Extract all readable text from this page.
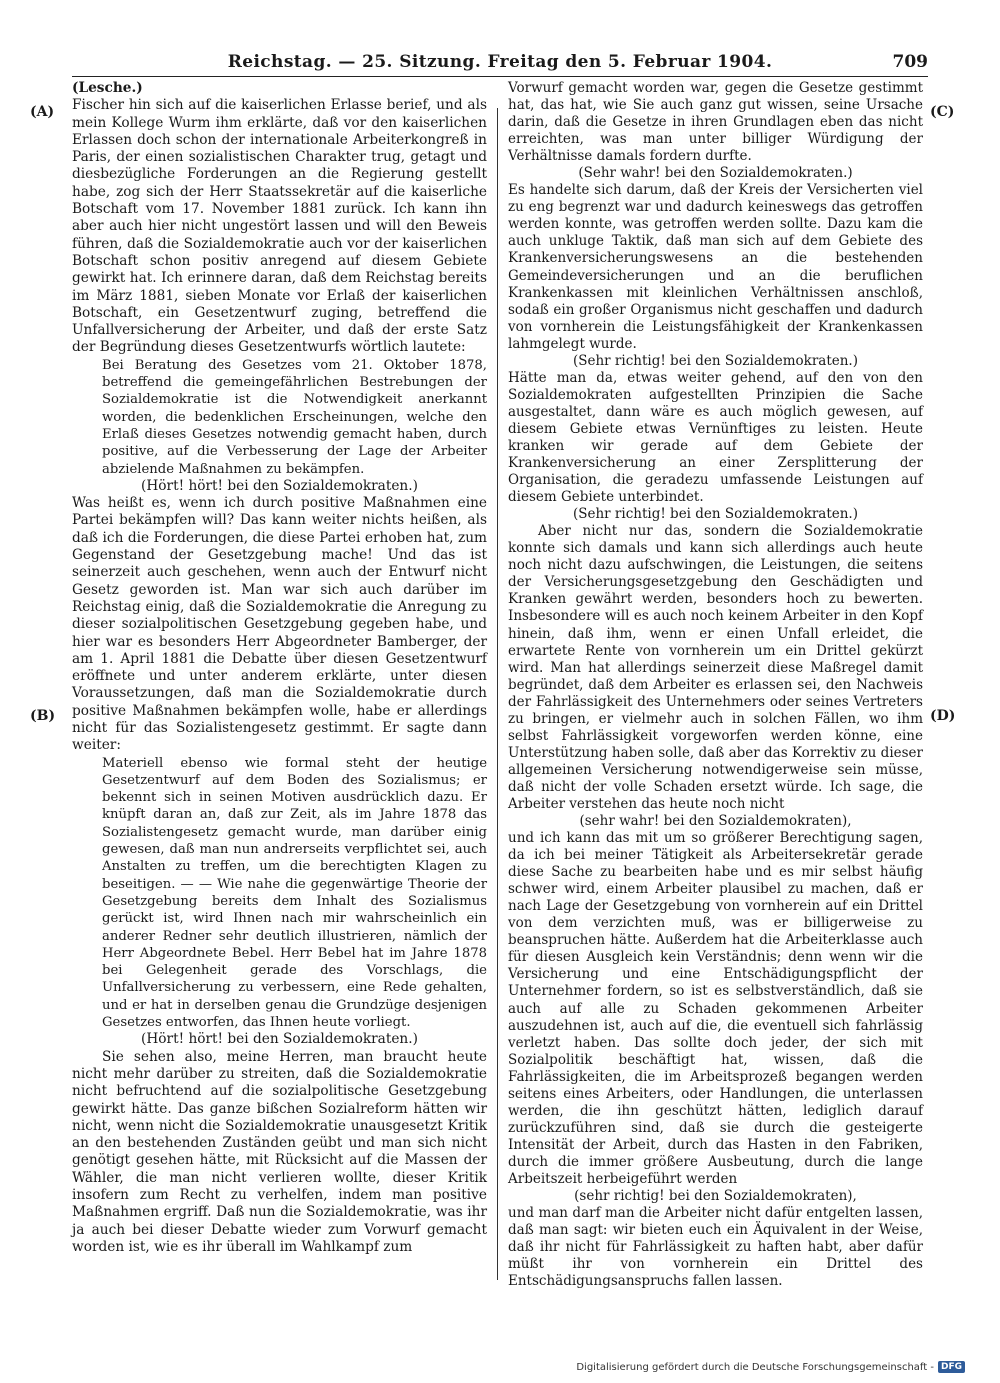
Reichstag. — 25. Sitzung. Freitag den 5. Februar 1904.	709
(A)
(B)
(C)
(D)

(Lesche.)

Fischer hin sich auf die kaiserlichen Erlasse berief, und als mein Kollege Wurm ihm erklärte, daß vor den kaiserlichen Erlassen doch schon der internationale Arbeiterkongreß in Paris, der einen sozialistischen Charakter trug, getagt und diesbezügliche Forderungen an die Regierung gestellt habe, zog sich der Herr Staatssekretär auf die kaiserliche Botschaft vom 17. November 1881 zurück. Ich kann ihn aber auch hier nicht ungestört lassen und will den Beweis führen, daß die Sozialdemokratie auch vor der kaiserlichen Botschaft schon positiv anregend auf diesem Gebiete gewirkt hat. Ich erinnere daran, daß dem Reichstag bereits im März 1881, sieben Monate vor Erlaß der kaiserlichen Botschaft, ein Gesetzentwurf zuging, betreffend die Unfallversicherung der Arbeiter, und daß der erste Satz der Begründung dieses Gesetzentwurfs wörtlich lautete:

Bei Beratung des Gesetzes vom 21. Oktober 1878, betreffend die gemeingefährlichen Bestrebungen der Sozialdemokratie ist die Notwendigkeit anerkannt worden, die bedenklichen Erscheinungen, welche den Erlaß dieses Gesetzes notwendig gemacht haben, durch positive, auf die Verbesserung der Lage der Arbeiter abzielende Maßnahmen zu bekämpfen.

(Hört! hört! bei den Sozialdemokraten.)

Was heißt es, wenn ich durch positive Maßnahmen eine Partei bekämpfen will? Das kann weiter nichts heißen, als daß ich die Forderungen, die diese Partei erhoben hat, zum Gegenstand der Gesetzgebung mache! Und das ist seinerzeit auch geschehen, wenn auch der Entwurf nicht Gesetz geworden ist. Man war sich auch darüber im Reichstag einig, daß die Sozialdemokratie die Anregung zu dieser sozialpolitischen Gesetzgebung gegeben habe, und hier war es besonders Herr Abgeordneter Bamberger, der am 1. April 1881 die Debatte über diesen Gesetzentwurf eröffnete und unter anderem erklärte, unter diesen Voraussetzungen, daß man die Sozialdemokratie durch positive Maßnahmen bekämpfen wolle, habe er allerdings nicht für das Sozialistengesetz gestimmt. Er sagte dann weiter:

Materiell ebenso wie formal steht der heutige Gesetzentwurf auf dem Boden des Sozialismus; er bekennt sich in seinen Motiven ausdrücklich dazu. Er knüpft daran an, daß zur Zeit, als im Jahre 1878 das Sozialistengesetz gemacht wurde, man darüber einig gewesen, daß man nun andrerseits verpflichtet sei, auch Anstalten zu treffen, um die berechtigten Klagen zu beseitigen. — — Wie nahe die gegenwärtige Theorie der Gesetzgebung bereits dem Inhalt des Sozialismus gerückt ist, wird Ihnen nach mir wahrscheinlich ein anderer Redner sehr deutlich illustrieren, nämlich der Herr Abgeordnete Bebel. Herr Bebel hat im Jahre 1878 bei Gelegenheit gerade des Vorschlags, die Unfallversicherung zu verbessern, eine Rede gehalten, und er hat in derselben genau die Grundzüge desjenigen Gesetzes entworfen, das Ihnen heute vorliegt.

(Hört! hört! bei den Sozialdemokraten.)

Sie sehen also, meine Herren, man braucht heute nicht mehr darüber zu streiten, daß die Sozialdemokratie nicht befruchtend auf die sozialpolitische Gesetzgebung gewirkt hätte. Das ganze bißchen Sozialreform hätten wir nicht, wenn nicht die Sozialdemokratie unausgesetzt Kritik an den bestehenden Zuständen geübt und man sich nicht genötigt gesehen hätte, mit Rücksicht auf die Massen der Wähler, die man nicht verlieren wollte, dieser Kritik insofern zum Recht zu verhelfen, indem man positive Maßnahmen ergriff. Daß nun die Sozialdemokratie, was ihr ja auch bei dieser Debatte wieder zum Vorwurf gemacht worden ist, wie es ihr überall im Wahlkampf zum

Vorwurf gemacht worden war, gegen die Gesetze gestimmt hat, das hat, wie Sie auch ganz gut wissen, seine Ursache darin, daß die Gesetze in ihren Grundlagen eben das nicht erreichten, was man unter billiger Würdigung der Verhältnisse damals fordern durfte.

(Sehr wahr! bei den Sozialdemokraten.)

Es handelte sich darum, daß der Kreis der Versicherten viel zu eng begrenzt war und dadurch keineswegs das getroffen werden konnte, was getroffen werden sollte. Dazu kam die auch unkluge Taktik, daß man sich auf dem Gebiete des Krankenversicherungswesens an die bestehenden Gemeindeversicherungen und an die beruflichen Krankenkassen mit kleinlichen Verhältnissen anschloß, sodaß ein großer Organismus nicht geschaffen und dadurch von vornherein die Leistungsfähigkeit der Krankenkassen lahmgelegt wurde.

(Sehr richtig! bei den Sozialdemokraten.)

Hätte man da, etwas weiter gehend, auf den von den Sozialdemokraten aufgestellten Prinzipien die Sache ausgestaltet, dann wäre es auch möglich gewesen, auf diesem Gebiete etwas Vernünftiges zu leisten. Heute kranken wir gerade auf dem Gebiete der Krankenversicherung an einer Zersplitterung der Organisation, die geradezu umfassende Leistungen auf diesem Gebiete unterbindet.

(Sehr richtig! bei den Sozialdemokraten.)

Aber nicht nur das, sondern die Sozialdemokratie konnte sich damals und kann sich allerdings auch heute noch nicht dazu aufschwingen, die Leistungen, die seitens der Versicherungsgesetzgebung den Geschädigten und Kranken gewährt werden, besonders hoch zu bewerten. Insbesondere will es auch noch keinem Arbeiter in den Kopf hinein, daß ihm, wenn er einen Unfall erleidet, die erwartete Rente von vornherein um ein Drittel gekürzt wird. Man hat allerdings seinerzeit diese Maßregel damit begründet, daß dem Arbeiter es erlassen sei, den Nachweis der Fahrlässigkeit des Unternehmers oder seines Vertreters zu bringen, er vielmehr auch in solchen Fällen, wo ihm selbst Fahrlässigkeit vorgeworfen werden könne, eine Unterstützung haben solle, daß aber das Korrektiv zu dieser allgemeinen Versicherung notwendigerweise sein müsse, daß nicht der volle Schaden ersetzt würde. Ich sage, die Arbeiter verstehen das heute noch nicht

(sehr wahr! bei den Sozialdemokraten),

und ich kann das mit um so größerer Berechtigung sagen, da ich bei meiner Tätigkeit als Arbeitersekretär gerade diese Sache zu bearbeiten habe und es mir selbst häufig schwer wird, einem Arbeiter plausibel zu machen, daß er nach Lage der Gesetzgebung von vornherein auf ein Drittel von dem verzichten muß, was er billigerweise zu beanspruchen hätte. Außerdem hat die Arbeiterklasse auch für diesen Ausgleich kein Verständnis; denn wenn wir die Versicherung und eine Entschädigungspflicht der Unternehmer fordern, so ist es selbstverständlich, daß sie auch auf alle zu Schaden gekommenen Arbeiter auszudehnen ist, auch auf die, die eventuell sich fahrlässig verletzt haben. Das sollte doch jeder, der sich mit Sozialpolitik beschäftigt hat, wissen, daß die Fahrlässigkeiten, die im Arbeitsprozeß begangen werden seitens eines Arbeiters, oder Handlungen, die unterlassen werden, die ihn geschützt hätten, lediglich darauf zurückzuführen sind, daß sie durch die gesteigerte Intensität der Arbeit, durch das Hasten in den Fabriken, durch die immer größere Ausbeutung, durch die lange Arbeitszeit herbeigeführt werden

(sehr richtig! bei den Sozialdemokraten),

und man darf man die Arbeiter nicht dafür entgelten lassen, daß man sagt: wir bieten euch ein Äquivalent in der Weise, daß ihr nicht für Fahrlässigkeit zu haften habt, aber dafür müßt ihr von vornherein ein Drittel des Entschädigungsanspruchs fallen lassen.

Digitalisierung gefördert durch die Deutsche Forschungsgemeinschaft - DFG
